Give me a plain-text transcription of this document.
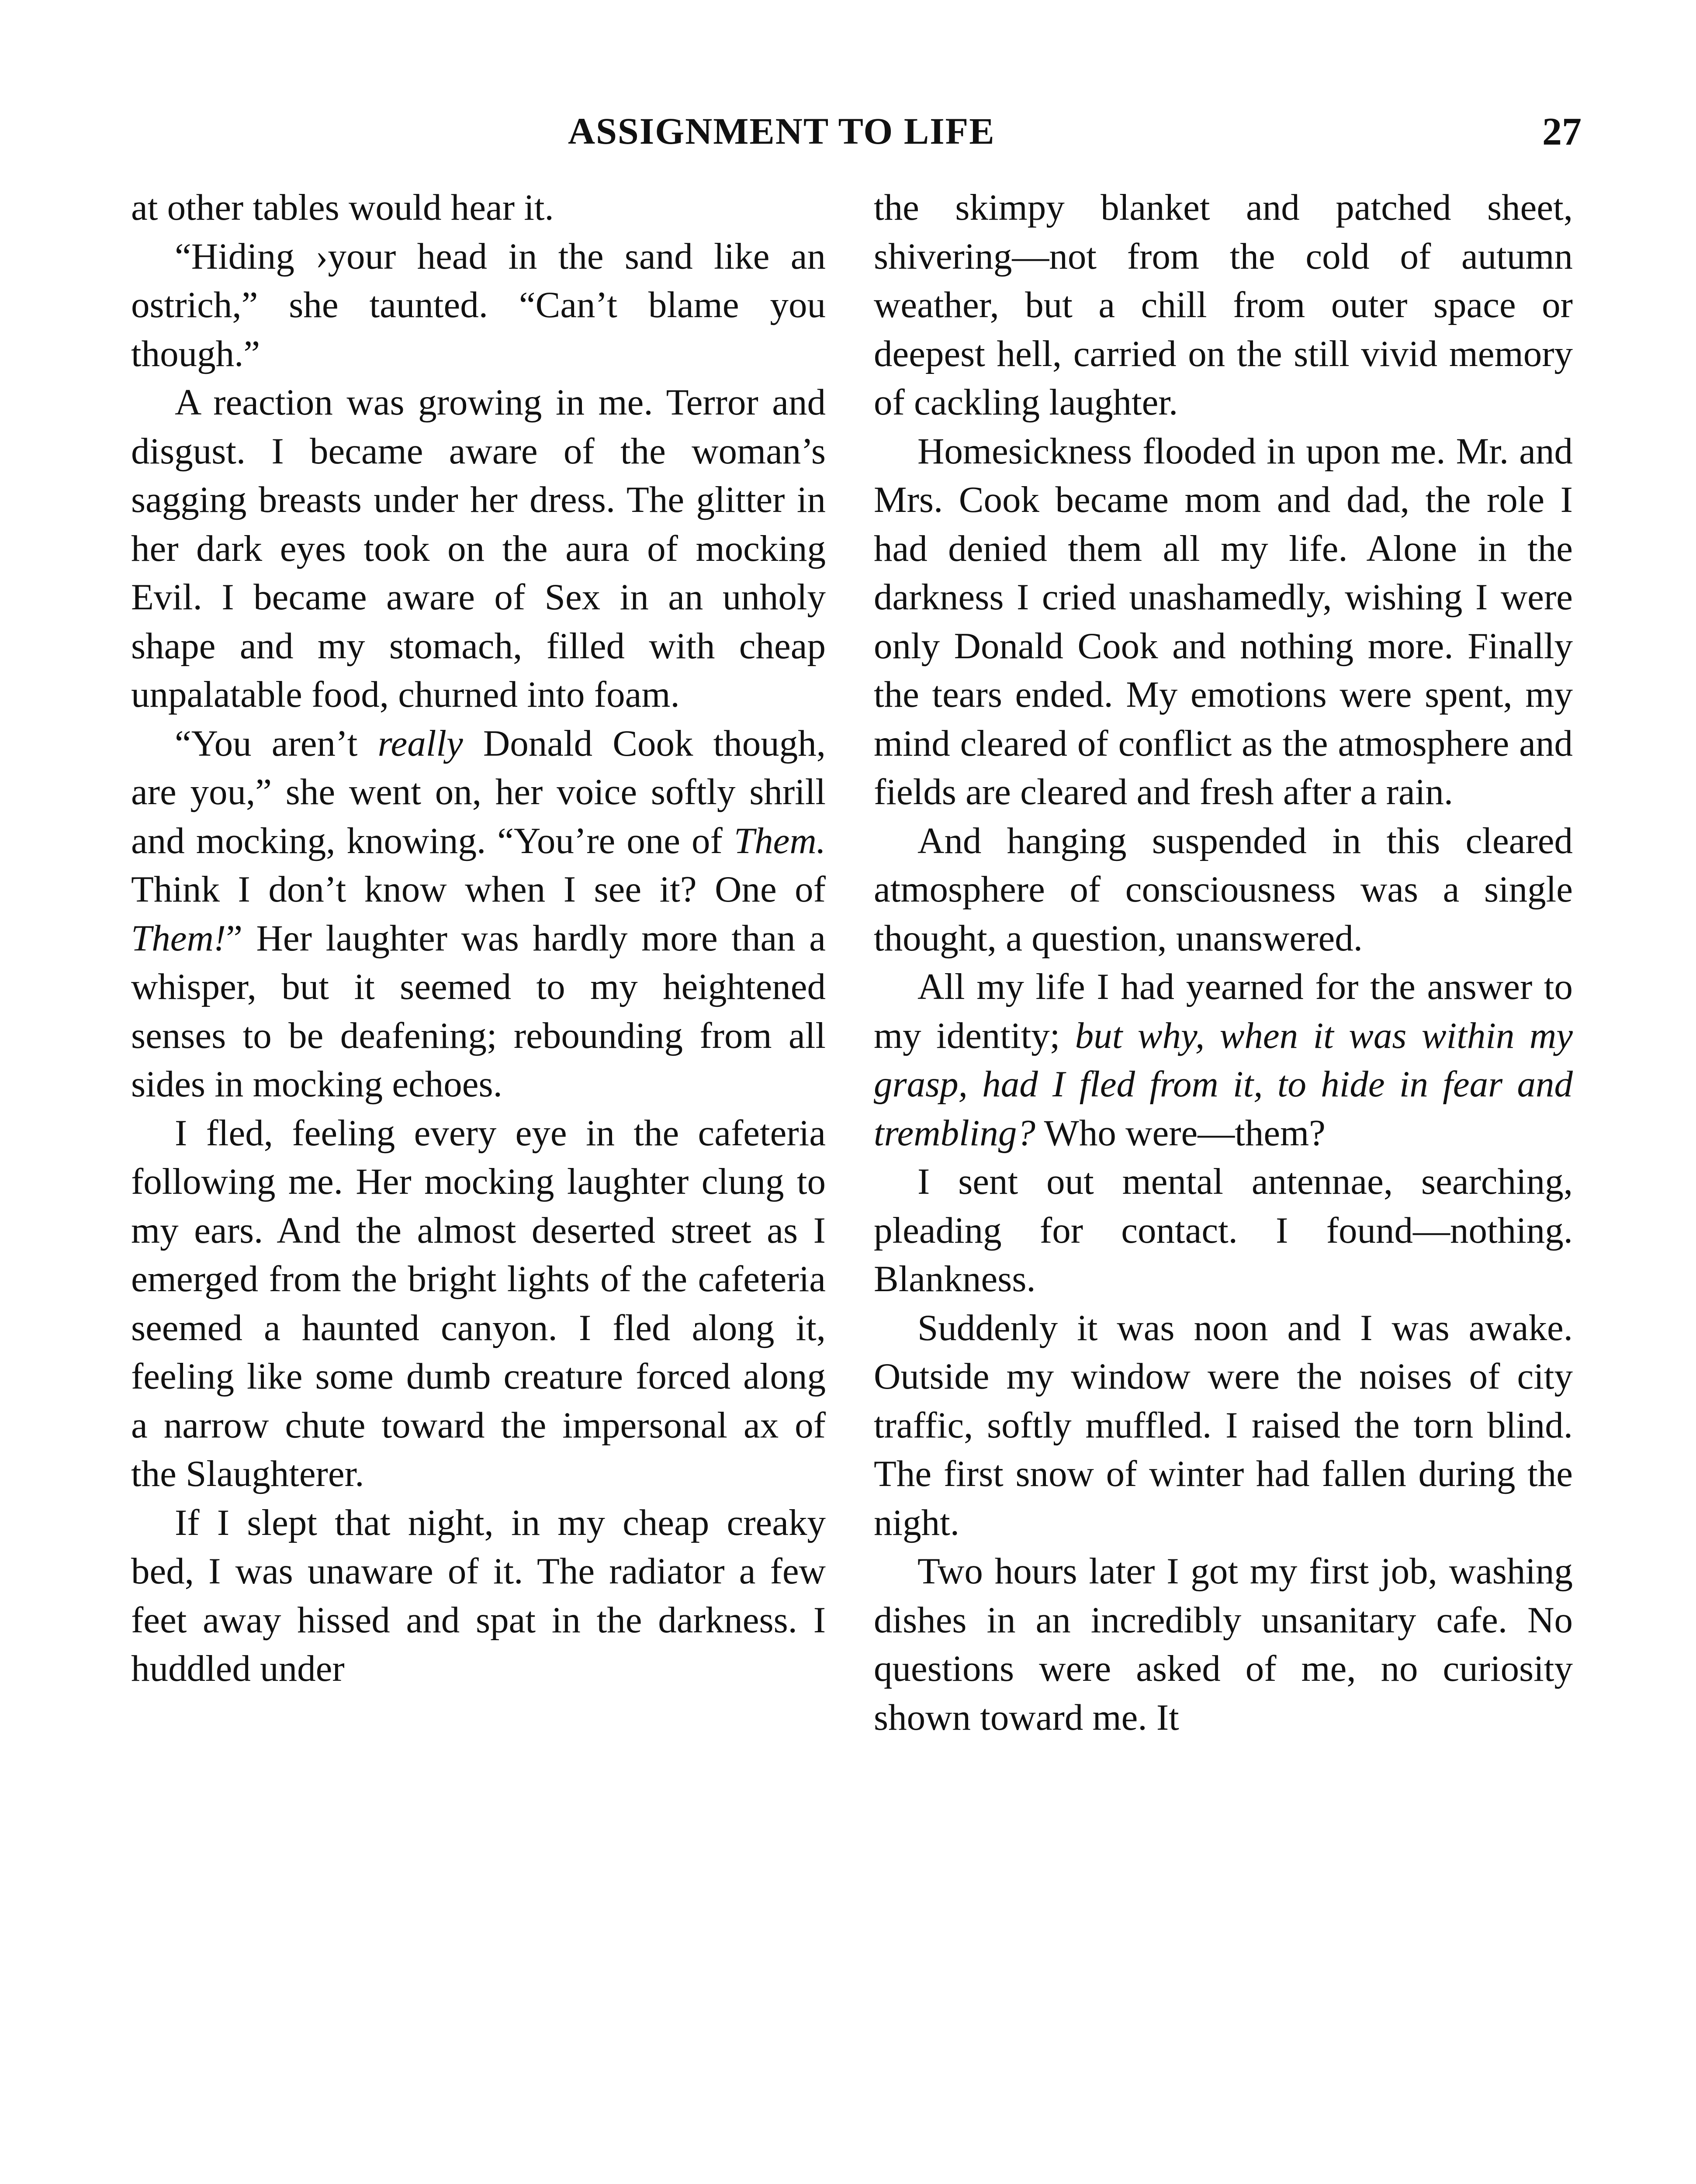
ASSIGNMENT TO LIFE	27

at other tables would hear it.

“Hiding ›your head in the sand like an ostrich,” she taunted. “Can’t blame you though.”

A reaction was growing in me. Terror and disgust. I became aware of the woman’s sagging breasts under her dress. The glitter in her dark eyes took on the aura of mocking Evil. I became aware of Sex in an unholy shape and my stomach, filled with cheap unpalatable food, churned into foam.

“You aren’t really Donald Cook though, are you,” she went on, her voice softly shrill and mocking, knowing. “You’re one of Them. Think I don’t know when I see it? One of Them!” Her laughter was hardly more than a whisper, but it seemed to my heightened senses to be deafening; rebounding from all sides in mocking echoes.

I fled, feeling every eye in the cafeteria following me. Her mocking laughter clung to my ears. And the almost deserted street as I emerged from the bright lights of the cafeteria seemed a haunted canyon. I fled along it, feeling like some dumb creature forced along a narrow chute toward the impersonal ax of the Slaughterer.

If I slept that night, in my cheap creaky bed, I was unaware of it. The radiator a few feet away hissed and spat in the darkness. I huddled under

the skimpy blanket and patched sheet, shivering—not from the cold of autumn weather, but a chill from outer space or deepest hell, carried on the still vivid memory of cackling laughter.

Homesickness flooded in upon me. Mr. and Mrs. Cook became mom and dad, the role I had denied them all my life. Alone in the darkness I cried unashamedly, wishing I were only Donald Cook and nothing more. Finally the tears ended. My emotions were spent, my mind cleared of conflict as the atmosphere and fields are cleared and fresh after a rain.

And hanging suspended in this cleared atmosphere of consciousness was a single thought, a question, unanswered.

All my life I had yearned for the answer to my identity; but why, when it was within my grasp, had I fled from it, to hide in fear and trembling? Who were—them?

I sent out mental antennae, searching, pleading for contact. I found—nothing. Blankness.

Suddenly it was noon and I was awake. Outside my window were the noises of city traffic, softly muffled. I raised the torn blind. The first snow of winter had fallen during the night.

Two hours later I got my first job, washing dishes in an incredibly unsanitary cafe. No questions were asked of me, no curiosity shown toward me. It
